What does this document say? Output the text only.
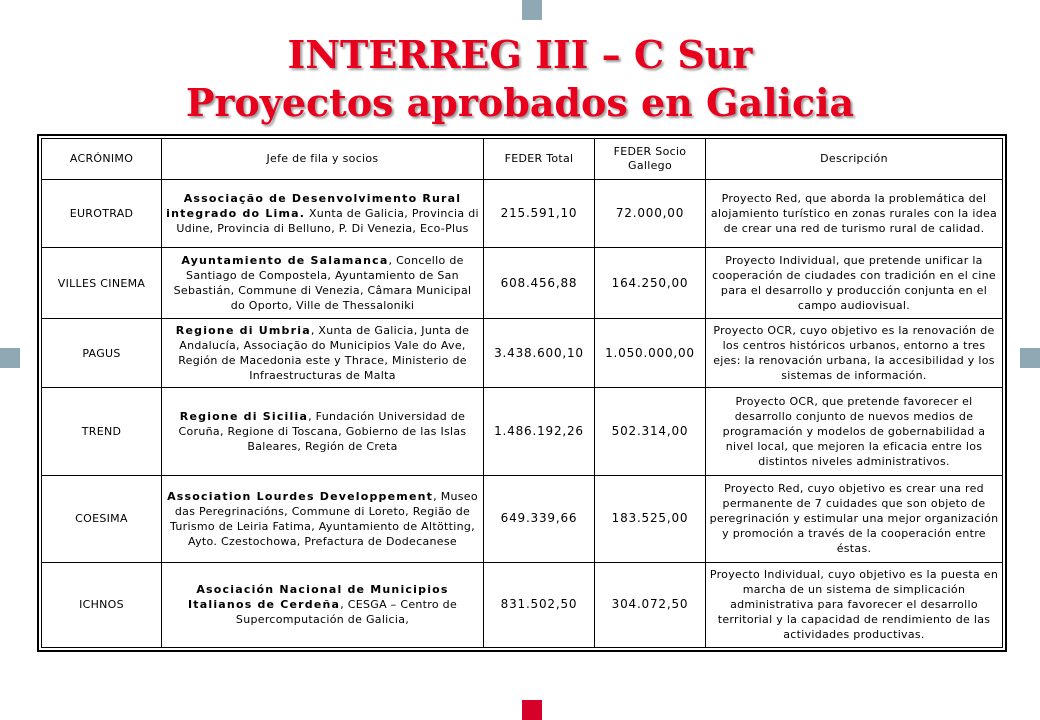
INTERREG III – C Sur
Proyectos aprobados en Galicia
ACRÓNIMO	Jefe de fila y socios	FEDER Total	FEDER Socio Gallego	Descripción
EUROTRAD	Associação de Desenvolvimento Rural integrado do Lima. Xunta de Galicia, Provincia di Udine, Provincia di Belluno, P. Di Venezia, Eco-Plus	215.591,10	72.000,00	Proyecto Red, que aborda la problemática del alojamiento turístico en zonas rurales con la idea de crear una red de turismo rural de calidad.
VILLES CINEMA	Ayuntamiento de Salamanca, Concello de Santiago de Compostela, Ayuntamiento de San Sebastián, Commune di Venezia, Câmara Municipal do Oporto, Ville de Thessaloniki	608.456,88	164.250,00	Proyecto Individual, que pretende unificar la cooperación de ciudades con tradición en el cine para el desarrollo y producción conjunta en el campo audiovisual.
PAGUS	Regione di Umbria, Xunta de Galicia, Junta de Andalucía, Associação do Municipios Vale do Ave, Región de Macedonia este y Thrace, Ministerio de Infraestructuras de Malta	3.438.600,10	1.050.000,00	Proyecto OCR, cuyo objetivo es la renovación de los centros históricos urbanos, entorno a tres ejes: la renovación urbana, la accesibilidad y los sistemas de información.
TREND	Regione di Sicilia, Fundación Universidad de Coruña, Regione di Toscana, Gobierno de las Islas Baleares, Región de Creta	1.486.192,26	502.314,00	Proyecto OCR, que pretende favorecer el desarrollo conjunto de nuevos medios de programación y modelos de gobernabilidad a nivel local, que mejoren la eficacia entre los distintos niveles administrativos.
COESIMA	Association Lourdes Developpement, Museo das Peregrinacións, Commune di Loreto, Região de Turismo de Leiria Fatima, Ayuntamiento de Altötting, Ayto. Czestochowa, Prefactura de Dodecanese	649.339,66	183.525,00	Proyecto Red, cuyo objetivo es crear una red permanente de 7 cuidades que son objeto de peregrinación y estimular una mejor organización y promoción a través de la cooperación entre éstas.
ICHNOS	Asociación Nacional de Municipios Italianos de Cerdeña, CESGA – Centro de Supercomputación de Galicia,	831.502,50	304.072,50	Proyecto Individual, cuyo objetivo es la puesta en marcha de un sistema de simplicación administrativa para favorecer el desarrollo territorial y la capacidad de rendimiento de las actividades productivas.
